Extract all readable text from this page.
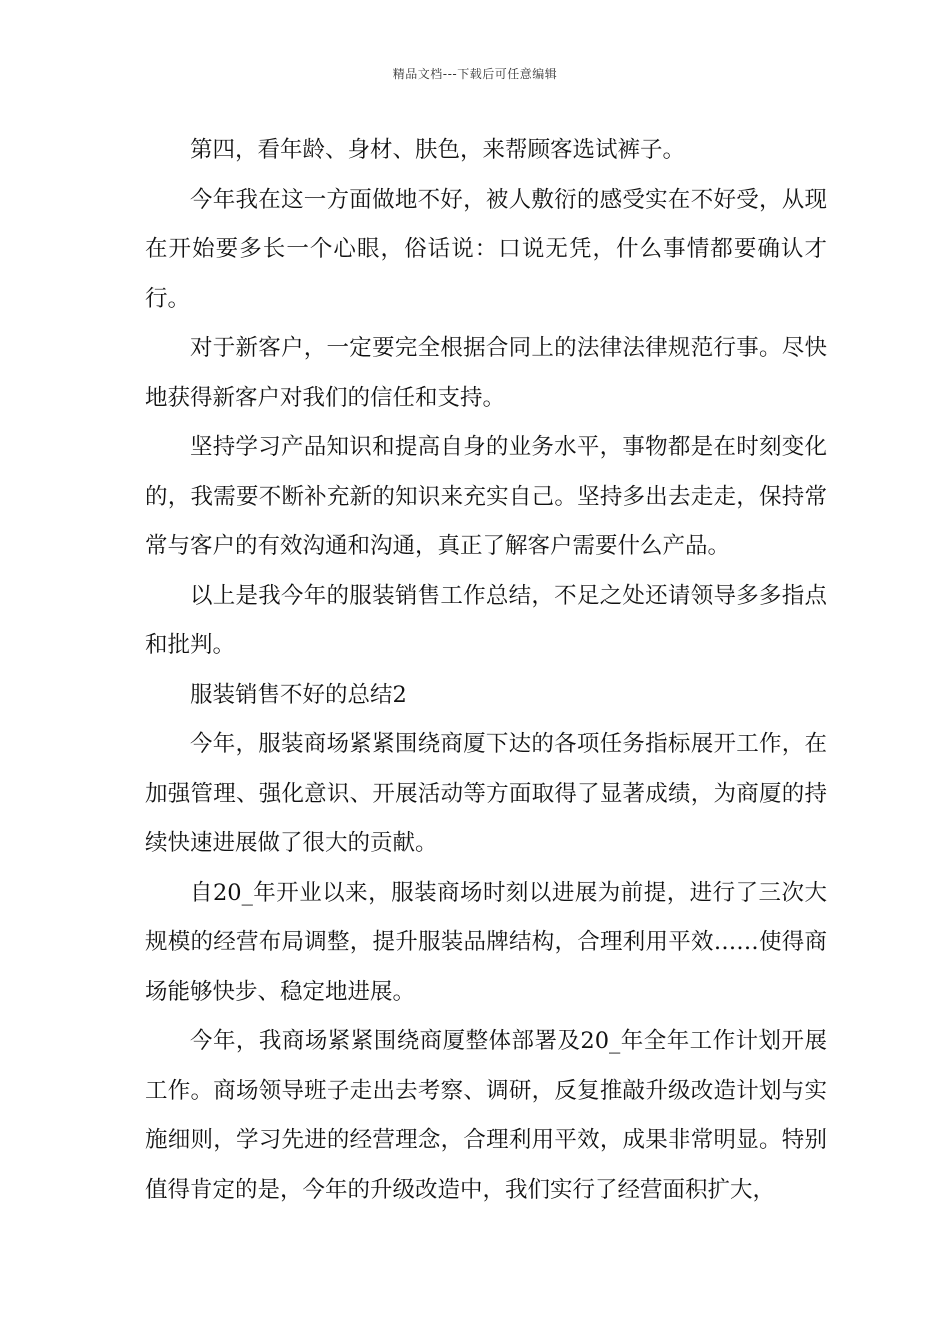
精品文档---下载后可任意编辑

第四，看年龄、身材、肤色，来帮顾客选试裤子。

今年我在这一方面做地不好，被人敷衍的感受实在不好受，从现在开始要多长一个心眼，俗话说：口说无凭，什么事情都要确认才行。

对于新客户，一定要完全根据合同上的法律法律规范行事。尽快地获得新客户对我们的信任和支持。

坚持学习产品知识和提高自身的业务水平，事物都是在时刻变化的，我需要不断补充新的知识来充实自己。坚持多出去走走，保持常常与客户的有效沟通和沟通，真正了解客户需要什么产品。

以上是我今年的服装销售工作总结，不足之处还请领导多多指点和批判。

服装销售不好的总结2

今年，服装商场紧紧围绕商厦下达的各项任务指标展开工作，在加强管理、强化意识、开展活动等方面取得了显著成绩，为商厦的持续快速进展做了很大的贡献。

自20_年开业以来，服装商场时刻以进展为前提，进行了三次大规模的经营布局调整，提升服装品牌结构，合理利用平效……使得商场能够快步、稳定地进展。

今年，我商场紧紧围绕商厦整体部署及20_年全年工作计划开展工作。商场领导班子走出去考察、调研，反复推敲升级改造计划与实施细则，学习先进的经营理念，合理利用平效，成果非常明显。特别值得肯定的是，今年的升级改造中，我们实行了经营面积扩大，
